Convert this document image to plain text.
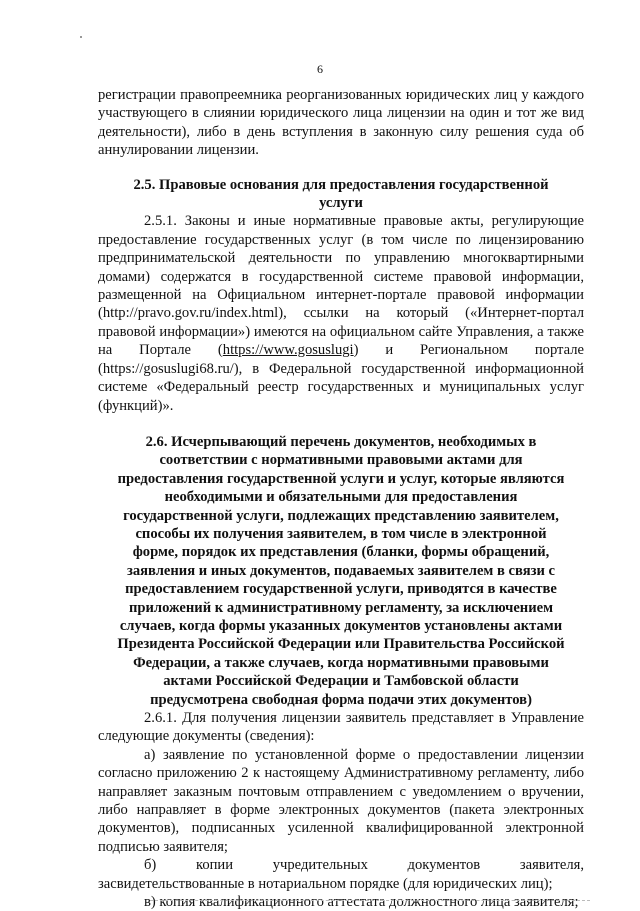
6

регистрации правопреемника реорганизованных юридических лиц у каждого участвующего в слиянии юридического лица лицензии на один и тот же вид деятельности), либо в день вступления в законную силу решения суда об аннулировании лицензии.

2.5. Правовые основания для предоставления государственной услуги

2.5.1. Законы и иные нормативные правовые акты, регулирующие предоставление государственных услуг (в том числе по лицензированию предпринимательской деятельности по управлению многоквартирными домами) содержатся в государственной системе правовой информации, размещенной на Официальном интернет-портале правовой информации (http://pravo.gov.ru/index.html), ссылки на который («Интернет-портал правовой информации») имеются на официальном сайте Управления, а также на Портале (https://www.gosuslugi) и Региональном портале (https://gosuslugi68.ru/), в Федеральной государственной информационной системе «Федеральный реестр государственных и муниципальных услуг (функций)».

2.6. Исчерпывающий перечень документов, необходимых в соответствии с нормативными правовыми актами для предоставления государственной услуги и услуг, которые являются необходимыми и обязательными для предоставления государственной услуги, подлежащих представлению заявителем, способы их получения заявителем, в том числе в электронной форме, порядок их представления (бланки, формы обращений, заявления и иных документов, подаваемых заявителем в связи с предоставлением государственной услуги, приводятся в качестве приложений к административному регламенту, за исключением случаев, когда формы указанных документов установлены актами Президента Российской Федерации или Правительства Российской Федерации, а также случаев, когда нормативными правовыми актами Российской Федерации и Тамбовской области предусмотрена свободная форма подачи этих документов)

2.6.1. Для получения лицензии заявитель представляет в Управление следующие документы (сведения):

а) заявление по установленной форме о предоставлении лицензии согласно приложению 2 к настоящему Административному регламенту, либо направляет заказным почтовым отправлением с уведомлением о вручении, либо направляет в форме электронных документов (пакета электронных документов), подписанных усиленной квалифицированной электронной подписью заявителя;

б) копии учредительных документов заявителя, засвидетельствованные в нотариальном порядке (для юридических лиц);

в) копия квалификационного аттестата должностного лица заявителя;
